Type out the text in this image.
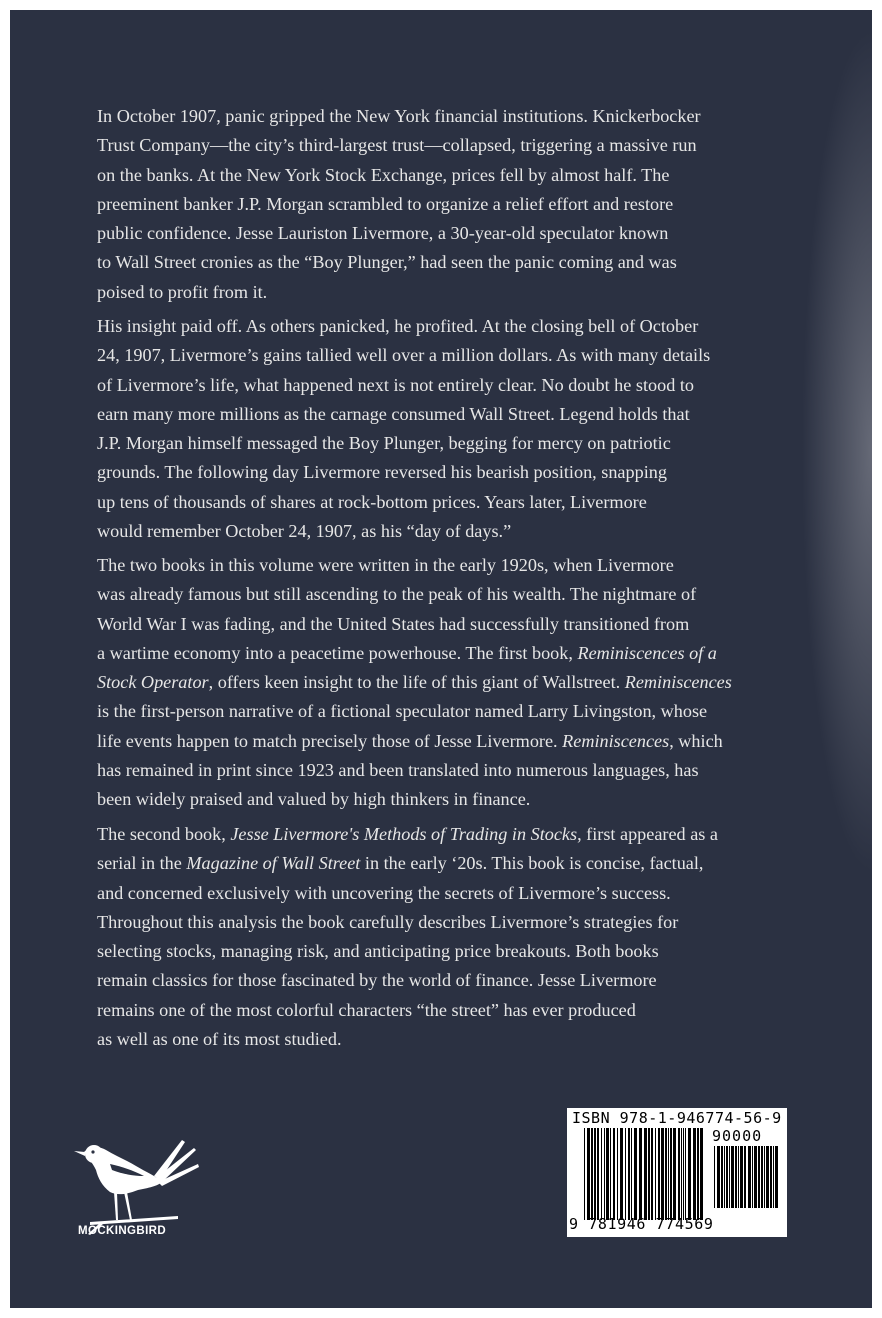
In October 1907, panic gripped the New York financial institutions. Knickerbocker
Trust Company—the city’s third-largest trust—collapsed, triggering a massive run
on the banks. At the New York Stock Exchange, prices fell by almost half. The
preeminent banker J.P. Morgan scrambled to organize a relief effort and restore
public confidence. Jesse Lauriston Livermore, a 30-year-old speculator known
to Wall Street cronies as the “Boy Plunger,” had seen the panic coming and was
poised to profit from it.
His insight paid off. As others panicked, he profited. At the closing bell of October
24, 1907, Livermore’s gains tallied well over a million dollars. As with many details
of Livermore’s life, what happened next is not entirely clear. No doubt he stood to
earn many more millions as the carnage consumed Wall Street. Legend holds that
J.P. Morgan himself messaged the Boy Plunger, begging for mercy on patriotic
grounds. The following day Livermore reversed his bearish position, snapping
up tens of thousands of shares at rock-bottom prices. Years later, Livermore
would remember October 24, 1907, as his “day of days.”
The two books in this volume were written in the early 1920s, when Livermore
was already famous but still ascending to the peak of his wealth. The nightmare of
World War I was fading, and the United States had successfully transitioned from
a wartime economy into a peacetime powerhouse. The first book, Reminiscences of a
Stock Operator, offers keen insight to the life of this giant of Wallstreet. Reminiscences
is the first-person narrative of a fictional speculator named Larry Livingston, whose
life events happen to match precisely those of Jesse Livermore. Reminiscences, which
has remained in print since 1923 and been translated into numerous languages, has
been widely praised and valued by high thinkers in finance.
The second book, Jesse Livermore's Methods of Trading in Stocks, first appeared as a
serial in the Magazine of Wall Street in the early ‘20s. This book is concise, factual,
and concerned exclusively with uncovering the secrets of Livermore’s success.
Throughout this analysis the book carefully describes Livermore’s strategies for
selecting stocks, managing risk, and anticipating price breakouts. Both books
remain classics for those fascinated by the world of finance. Jesse Livermore
remains one of the most colorful characters “the street” has ever produced
as well as one of its most studied.
MOCKINGBIRD
ISBN 978-1-946774-56-9
90000
9 781946 774569
